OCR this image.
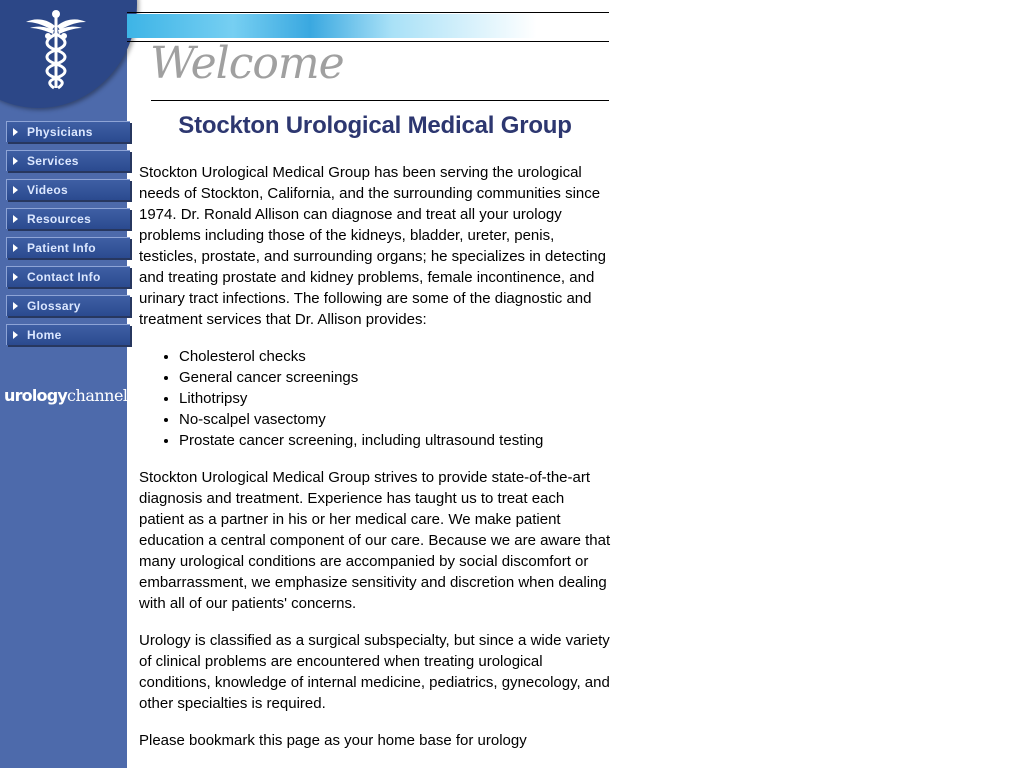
Physicians
Services
Videos
Resources
Patient Info
Contact Info
Glossary
Home
urologychannel
Welcome
Stockton Urological Medical Group

Stockton Urological Medical Group has been serving the urological needs of Stockton, California, and the surrounding communities since 1974. Dr. Ronald Allison can diagnose and treat all your urology problems including those of the kidneys, bladder, ureter, penis, testicles, prostate, and surrounding organs; he specializes in detecting and treating prostate and kidney problems, female incontinence, and urinary tract infections. The following are some of the diagnostic and treatment services that Dr. Allison provides:

• Cholesterol checks
• General cancer screenings
• Lithotripsy
• No-scalpel vasectomy
• Prostate cancer screening, including ultrasound testing

Stockton Urological Medical Group strives to provide state-of-the-art diagnosis and treatment. Experience has taught us to treat each patient as a partner in his or her medical care. We make patient education a central component of our care. Because we are aware that many urological conditions are accompanied by social discomfort or embarrassment, we emphasize sensitivity and discretion when dealing with all of our patients' concerns.

Urology is classified as a surgical subspecialty, but since a wide variety of clinical problems are encountered when treating urological conditions, knowledge of internal medicine, pediatrics, gynecology, and other specialties is required.

Please bookmark this page as your home base for urology
